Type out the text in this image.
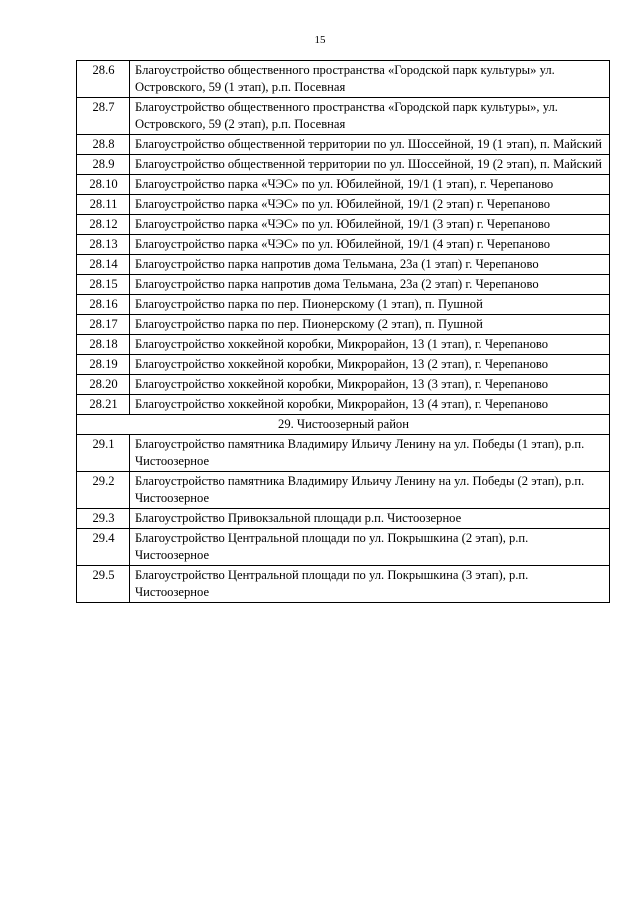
15
28.6	Благоустройство общественного пространства «Городской парк культуры» ул. Островского, 59 (1 этап), р.п. Посевная
28.7	Благоустройство общественного пространства «Городской парк культуры», ул. Островского, 59 (2 этап), р.п. Посевная
28.8	Благоустройство общественной территории по ул. Шоссейной, 19 (1 этап), п. Майский
28.9	Благоустройство общественной территории по ул. Шоссейной, 19 (2 этап), п. Майский
28.10	Благоустройство парка «ЧЭС» по ул. Юбилейной, 19/1 (1 этап), г. Черепаново
28.11	Благоустройство парка «ЧЭС» по ул. Юбилейной, 19/1 (2 этап) г. Черепаново
28.12	Благоустройство парка «ЧЭС» по ул. Юбилейной, 19/1 (3 этап) г. Черепаново
28.13	Благоустройство парка «ЧЭС» по ул. Юбилейной, 19/1 (4 этап) г. Черепаново
28.14	Благоустройство парка напротив дома Тельмана, 23а (1 этап) г. Черепаново
28.15	Благоустройство парка напротив дома Тельмана, 23а (2 этап) г. Черепаново
28.16	Благоустройство парка по пер. Пионерскому (1 этап), п. Пушной
28.17	Благоустройство парка по пер. Пионерскому (2 этап), п. Пушной
28.18	Благоустройство хоккейной коробки, Микрорайон, 13 (1 этап), г. Черепаново
28.19	Благоустройство хоккейной коробки, Микрорайон, 13 (2 этап), г. Черепаново
28.20	Благоустройство хоккейной коробки, Микрорайон, 13 (3 этап), г. Черепаново
28.21	Благоустройство хоккейной коробки, Микрорайон, 13 (4 этап), г. Черепаново
29. Чистоозерный район	
29.1	Благоустройство памятника Владимиру Ильичу Ленину на ул. Победы (1 этап), р.п. Чистоозерное
29.2	Благоустройство памятника Владимиру Ильичу Ленину на ул. Победы (2 этап), р.п. Чистоозерное
29.3	Благоустройство Привокзальной площади р.п. Чистоозерное
29.4	Благоустройство Центральной площади по ул. Покрышкина (2 этап), р.п. Чистоозерное
29.5	Благоустройство Центральной площади по ул. Покрышкина (3 этап), р.п. Чистоозерное
